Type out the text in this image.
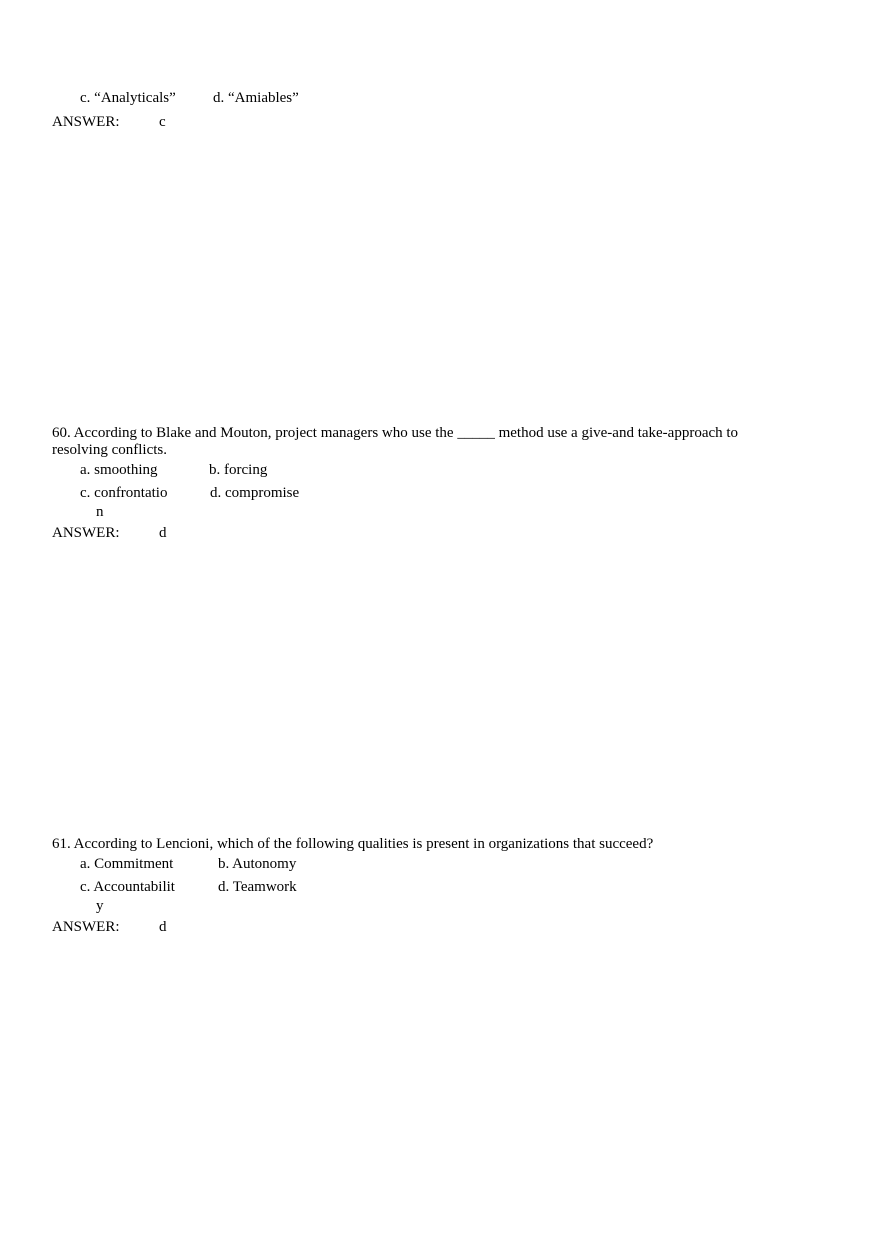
c. “Analyticals” d. “Amiables”
ANSWER:	c
60. According to Blake and Mouton, project managers who use the _____ method use a give-and take-approach to resolving conflicts.
a. smoothing	b. forcing
c. confrontation
d. compromise
ANSWER:	d
61. According to Lencioni, which of the following qualities is present in organizations that succeed?
a. Commitment	b. Autonomy
c. Accountability
d. Teamwork
ANSWER:	d
